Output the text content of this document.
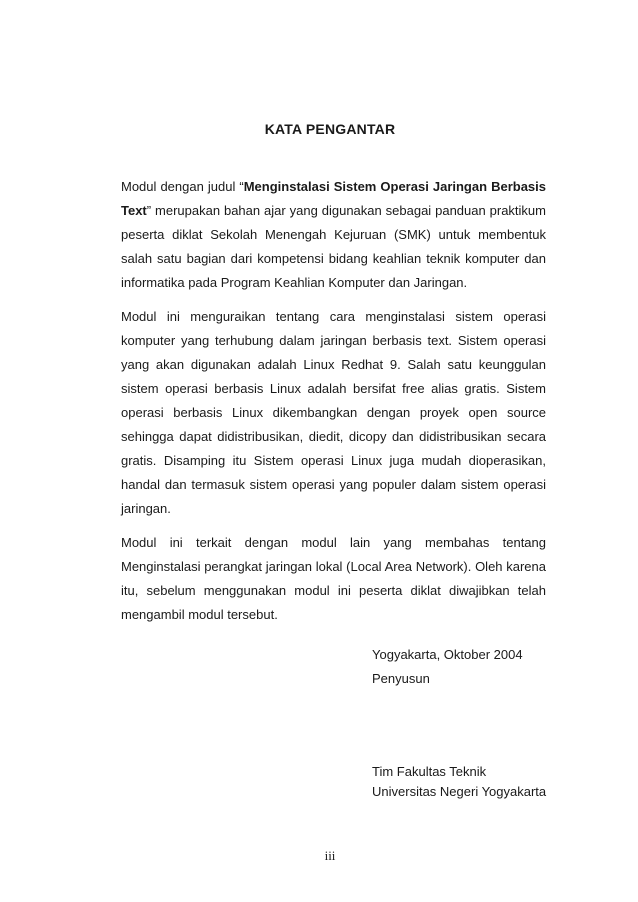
KATA PENGANTAR

Modul dengan judul “Menginstalasi Sistem Operasi Jaringan Berbasis Text” merupakan bahan ajar yang digunakan sebagai panduan praktikum peserta diklat Sekolah Menengah Kejuruan (SMK) untuk membentuk salah satu bagian dari kompetensi bidang keahlian teknik komputer dan informatika pada Program Keahlian Komputer dan Jaringan.

Modul ini menguraikan tentang cara menginstalasi sistem operasi komputer yang terhubung dalam jaringan berbasis text. Sistem operasi yang akan digunakan adalah Linux Redhat 9. Salah satu keunggulan sistem operasi berbasis Linux adalah bersifat free alias gratis. Sistem operasi berbasis Linux dikembangkan dengan proyek open source sehingga dapat didistribusikan, diedit, dicopy dan didistribusikan secara gratis. Disamping itu Sistem operasi Linux juga mudah dioperasikan, handal dan termasuk sistem operasi yang populer dalam sistem operasi jaringan.

Modul ini terkait dengan modul lain yang membahas tentang Menginstalasi perangkat jaringan lokal (Local Area Network). Oleh karena itu, sebelum menggunakan modul ini peserta diklat diwajibkan telah mengambil modul tersebut.

Yogyakarta, Oktober 2004
Penyusun
Tim Fakultas Teknik
Universitas Negeri Yogyakarta
iii
